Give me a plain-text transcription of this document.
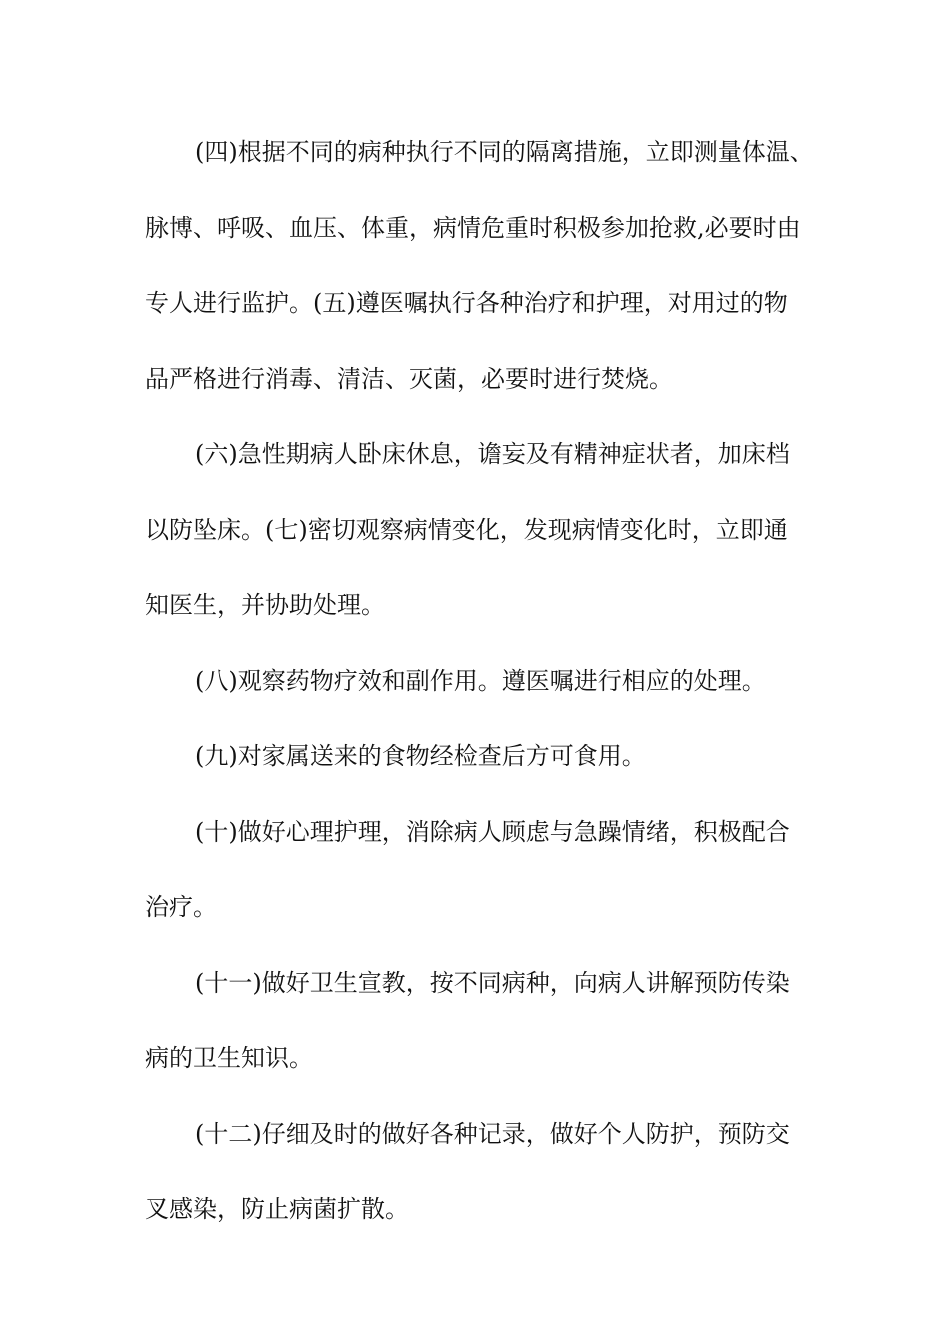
(四)根据不同的病种执行不同的隔离措施，立即测量体温、
脉博、呼吸、血压、体重，病情危重时积极参加抢救,必要时由
专人进行监护。(五)遵医嘱执行各种治疗和护理，对用过的物
品严格进行消毒、清洁、灭菌，必要时进行焚烧。
(六)急性期病人卧床休息，谵妄及有精神症状者，加床档
以防坠床。(七)密切观察病情变化，发现病情变化时，立即通
知医生，并协助处理。
(八)观察药物疗效和副作用。遵医嘱进行相应的处理。
(九)对家属送来的食物经检查后方可食用。
(十)做好心理护理，消除病人顾虑与急躁情绪，积极配合
治疗。
(十一)做好卫生宣教，按不同病种，向病人讲解预防传染
病的卫生知识。
(十二)仔细及时的做好各种记录，做好个人防护，预防交
叉感染，防止病菌扩散。
